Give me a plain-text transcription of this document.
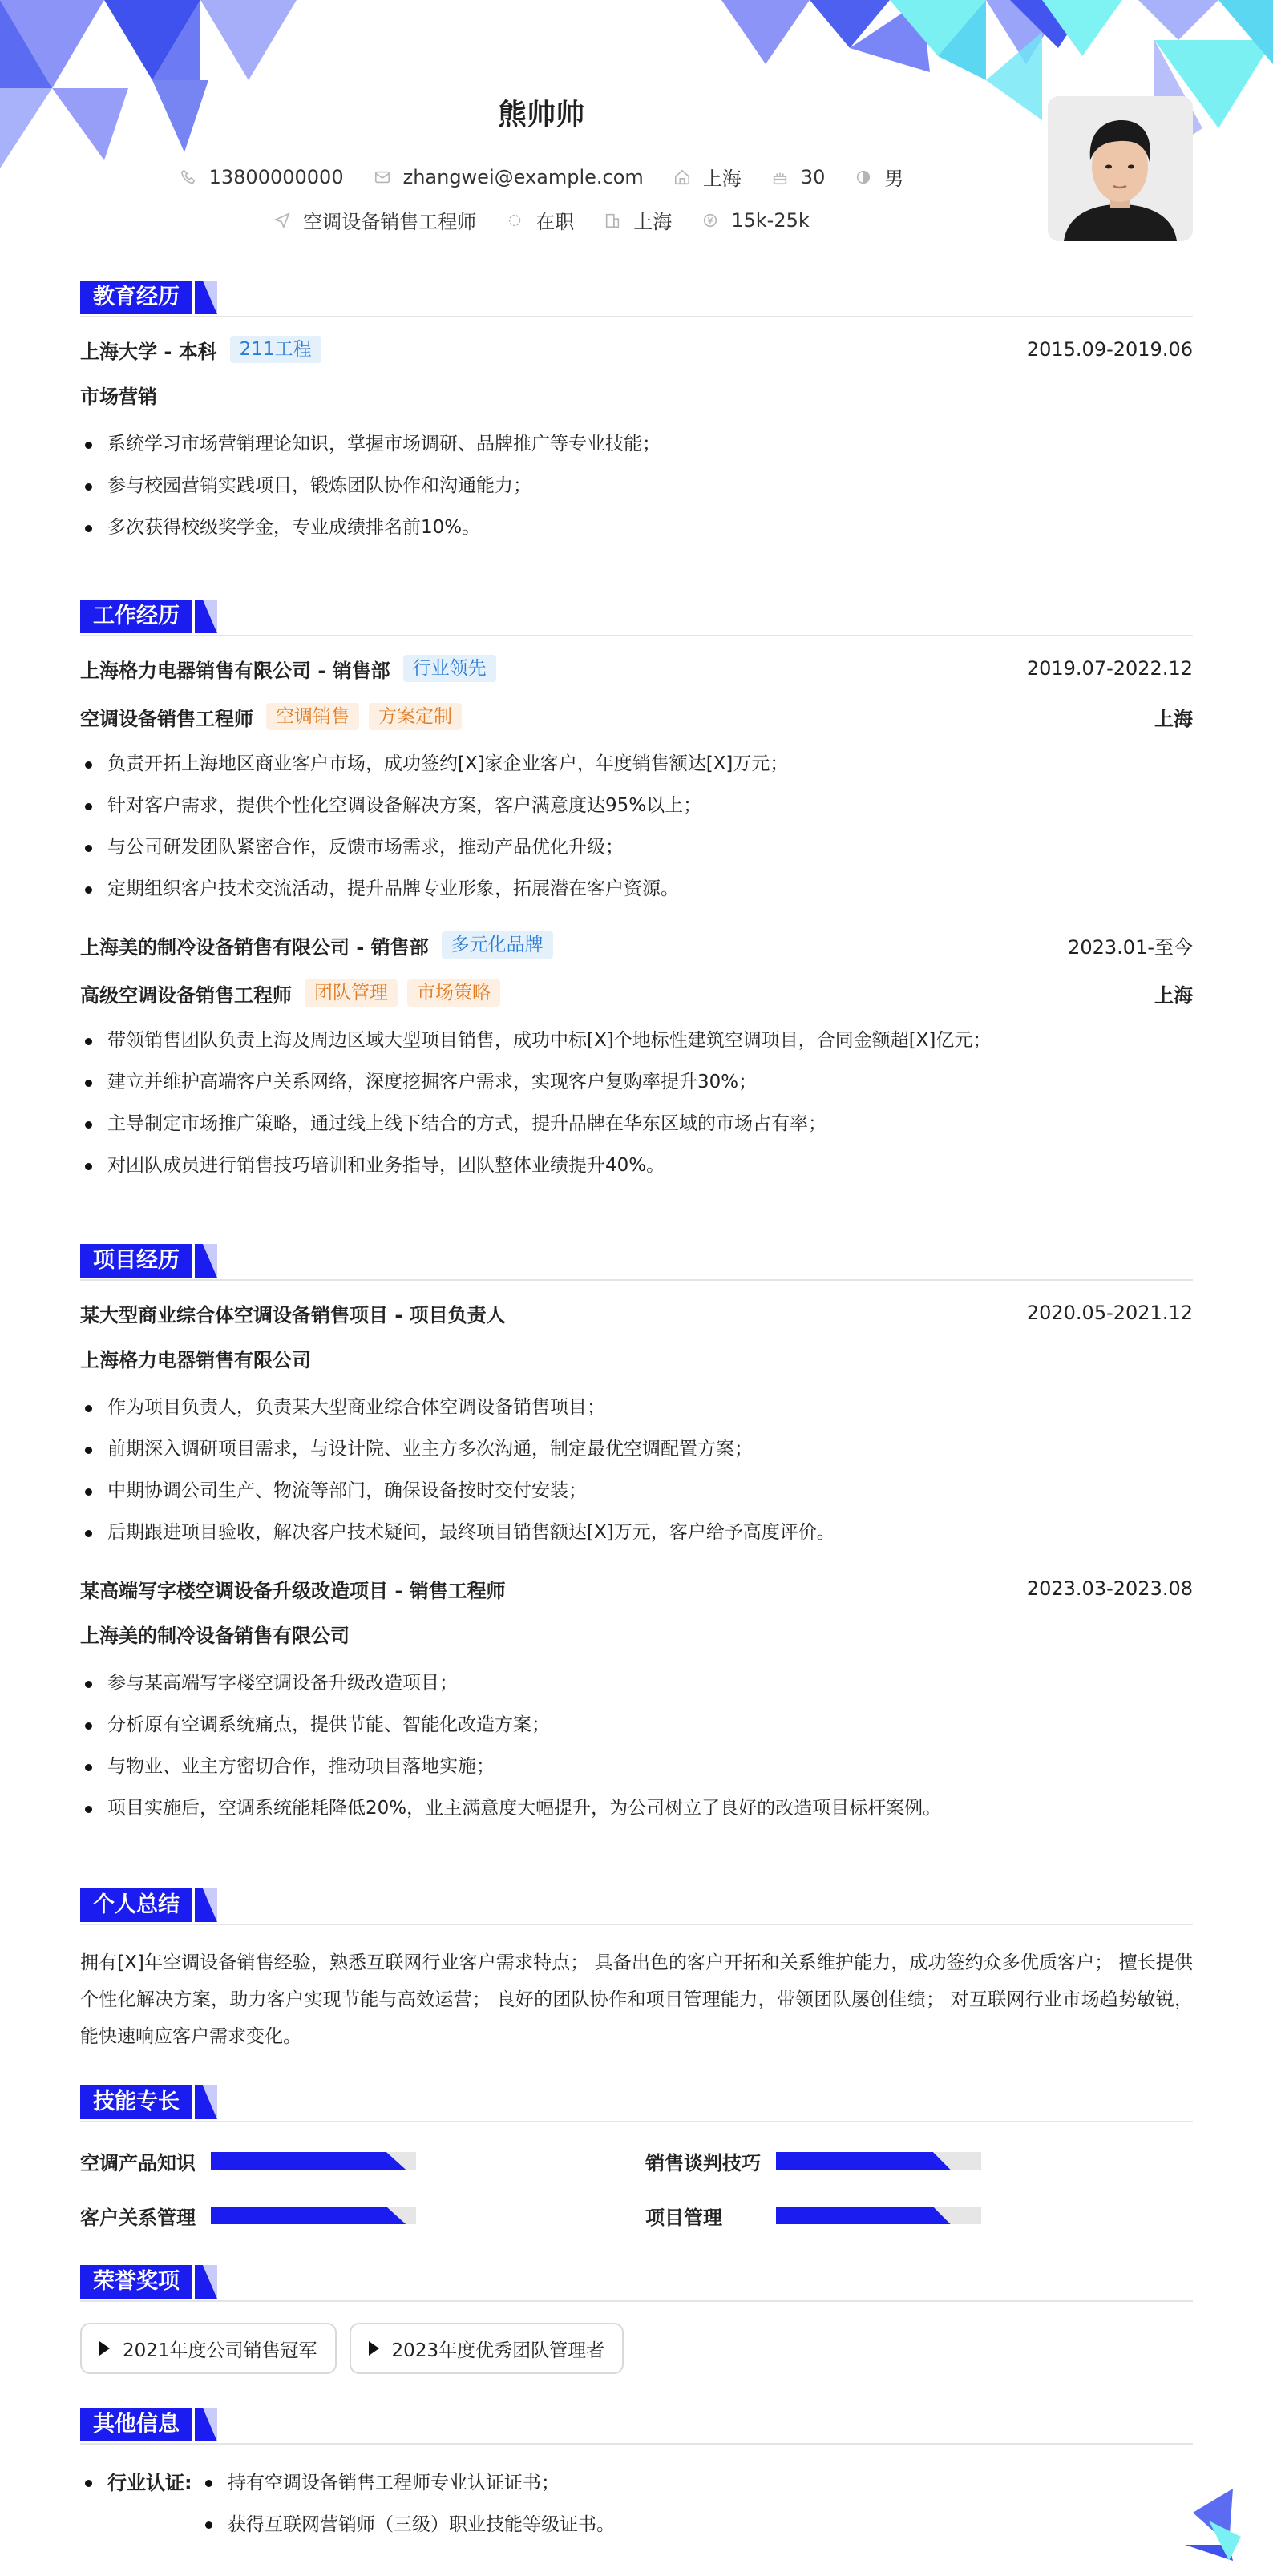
熊帅帅
13800000000	zhangwei@example.com	上海	30	男
空调设备销售工程师	在职	上海	15k-25k
教育经历
上海大学 - 本科	211工程	2015.09-2019.06
市场营销
系统学习市场营销理论知识，掌握市场调研、品牌推广等专业技能；
参与校园营销实践项目，锻炼团队协作和沟通能力；
多次获得校级奖学金，专业成绩排名前10%。
工作经历
上海格力电器销售有限公司 - 销售部	行业领先	2019.07-2022.12
空调设备销售工程师	空调销售	方案定制	上海
负责开拓上海地区商业客户市场，成功签约[X]家企业客户，年度销售额达[X]万元；
针对客户需求，提供个性化空调设备解决方案，客户满意度达95%以上；
与公司研发团队紧密合作，反馈市场需求，推动产品优化升级；
定期组织客户技术交流活动，提升品牌专业形象，拓展潜在客户资源。
上海美的制冷设备销售有限公司 - 销售部	多元化品牌	2023.01-至今
高级空调设备销售工程师	团队管理	市场策略	上海
带领销售团队负责上海及周边区域大型项目销售，成功中标[X]个地标性建筑空调项目，合同金额超[X]亿元；
建立并维护高端客户关系网络，深度挖掘客户需求，实现客户复购率提升30%；
主导制定市场推广策略，通过线上线下结合的方式，提升品牌在华东区域的市场占有率；
对团队成员进行销售技巧培训和业务指导，团队整体业绩提升40%。
项目经历
某大型商业综合体空调设备销售项目 - 项目负责人	2020.05-2021.12
上海格力电器销售有限公司
作为项目负责人，负责某大型商业综合体空调设备销售项目；
前期深入调研项目需求，与设计院、业主方多次沟通，制定最优空调配置方案；
中期协调公司生产、物流等部门，确保设备按时交付安装；
后期跟进项目验收，解决客户技术疑问，最终项目销售额达[X]万元，客户给予高度评价。
某高端写字楼空调设备升级改造项目 - 销售工程师	2023.03-2023.08
上海美的制冷设备销售有限公司
参与某高端写字楼空调设备升级改造项目；
分析原有空调系统痛点，提供节能、智能化改造方案；
与物业、业主方密切合作，推动项目落地实施；
项目实施后，空调系统能耗降低20%，业主满意度大幅提升，为公司树立了良好的改造项目标杆案例。
个人总结

拥有[X]年空调设备销售经验，熟悉互联网行业客户需求特点； 具备出色的客户开拓和关系维护能力，成功签约众多优质客户； 擅长提供个性化解决方案，助力客户实现节能与高效运营； 良好的团队协作和项目管理能力，带领团队屡创佳绩； 对互联网行业市场趋势敏锐，能快速响应客户需求变化。

技能专长
空调产品知识	销售谈判技巧
客户关系管理	项目管理
荣誉奖项
2021年度公司销售冠军	2023年度优秀团队管理者
其他信息
行业认证:	持有空调设备销售工程师专业认证证书；
获得互联网营销师（三级）职业技能等级证书。
